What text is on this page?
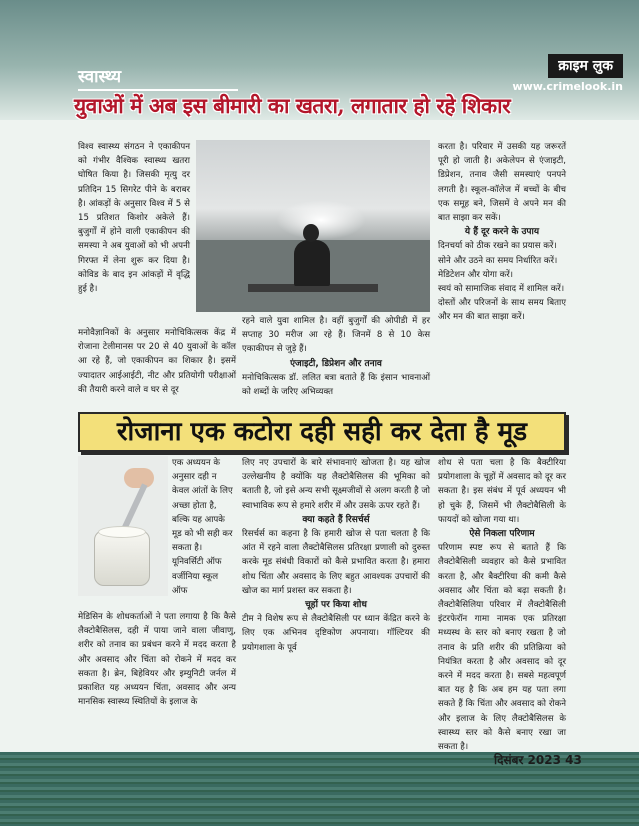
स्वास्थ्य
क्राइम लुक
www.crimelook.in
युवाओं में अब इस बीमारी का खतरा, लगातार हो रहे शिकार

विश्व स्वास्थ्य संगठन ने एकाकीपन को गंभीर वैश्विक स्वास्थ्य खतरा घोषित किया है। जिसकी मृत्यु दर प्रतिदिन 15 सिगरेट पीने के बराबर है। आंकड़ों के अनुसार विश्व में 5 से 15 प्रतिशत किशोर अकेले हैं। बुजुर्गों में होने वाली एकाकीपन की समस्या ने अब युवाओं को भी अपनी गिरफ्त में लेना शुरू कर दिया है। कोविड के बाद इन आंकड़ों में वृद्धि हुई है।

मनोवैज्ञानिकों के अनुसार मनोचिकित्सक केंद्र में रोजाना टेलीमानस पर 20 से 40 युवाओं के कॉल आ रहे हैं, जो एकाकीपन का शिकार है। इसमें ज्यादातर आईआईटी, नीट और प्रतियोगी परीक्षाओं की तैयारी करने वाले व घर से दूर

रहने वाले युवा शामिल है। वहीं बुजुर्गों की ओपीडी में हर सप्ताह 30 मरीज आ रहे हैं। जिनमें 8 से 10 केस एकाकीपन से जुड़े हैं।

एंजाइटी, डिप्रेशन और तनाव

मनोचिकित्सक डॉ. ललित बत्रा बताते हैं कि इंसान भावनाओं को शब्दों के जरिए अभिव्यक्त

करता है। परिवार में उसकी यह जरूरतें पूरी हो जाती है। अकेलेपन से एंजाइटी, डिप्रेशन, तनाव जैसी समस्याएं पनपने लगती है। स्कूल-कॉलेज में बच्चों के बीच एक समूह बने, जिसमें वे अपने मन की बात साझा कर सकें।

ये हैं दूर करने के उपाय

दिनचर्या को ठीक रखने का प्रयास करें।

सोने और उठने का समय निर्धारित करें।

मेडिटेशन और योगा करें।

स्वयं को सामाजिक संवाद में शामिल करें।

दोस्तों और परिजनों के साथ समय बिताए और मन की बात साझा करें।

रोजाना एक कटोरा दही सही कर देता है मूड

एक अध्ययन के अनुसार दही न केवल आंतों के लिए अच्छा होता है, बल्कि यह आपके मूड को भी सही कर सकता है। यूनिवर्सिटी ऑफ वर्जीनिया स्कूल ऑफ

मेडिसिन के शोधकर्ताओं ने पता लगाया है कि कैसे लैक्टोबैसिलस, दही में पाया जाने वाला जीवाणु, शरीर को तनाव का प्रबंधन करने में मदद करता है और अवसाद और चिंता को रोकने में मदद कर सकता है। ब्रेन, बिहेवियर और इम्युनिटी जर्नल में प्रकाशित यह अध्ययन चिंता, अवसाद और अन्य मानसिक स्वास्थ्य स्थितियों के इलाज के

लिए नए उपचारों के बारे संभावनाएं खोजता है। यह खोज उल्लेखनीय है क्योंकि यह लैक्टोबैसिलस की भूमिका को बताती है, जो इसे अन्य सभी सूक्ष्मजीवों से अलग करती है जो स्वाभाविक रूप से हमारे शरीर में और उसके ऊपर रहते हैं।

क्या कहते हैं रिसर्चर्स

रिसर्चर्स का कहना है कि हमारी खोज से पता चलता है कि आंत में रहने वाला लैक्टोबैसिलस प्रतिरक्षा प्रणाली को दुरुस्त करके मूड संबंधी विकारों को कैसे प्रभावित करता है। हमारा शोध चिंता और अवसाद के लिए बहुत आवश्यक उपचारों की खोज का मार्ग प्रशस्त कर सकता है।

चूहों पर किया शोध

टीम ने विशेष रूप से लैक्टोबैसिली पर ध्यान केंद्रित करने के लिए एक अभिनव दृष्टिकोण अपनाया। गॉल्टियर की प्रयोगशाला के पूर्व

शोध से पता चला है कि बैक्टीरिया प्रयोगशाला के चूहों में अवसाद को दूर कर सकता है। इस संबंध में पूर्व अध्ययन भी हो चुके हैं, जिसमें भी लैक्टोबैसिली के फायदों को खोजा गया था।

ऐसे निकला परिणाम

परिणाम स्पष्ट रूप से बताते हैं कि लैक्टोबैसिली व्यवहार को कैसे प्रभावित करता है, और बैक्टीरिया की कमी कैसे अवसाद और चिंता को बढ़ा सकती है। लैक्टोबैसिलिया परिवार में लैक्टोबैसिली इंटरफेरॉन गामा नामक एक प्रतिरक्षा मध्यस्थ के स्तर को बनाए रखता है जो तनाव के प्रति शरीर की प्रतिक्रिया को नियंत्रित करता है और अवसाद को दूर करने में मदद करता है। सबसे महत्वपूर्ण बात यह है कि अब हम यह पता लगा सकते हैं कि चिंता और अवसाद को रोकने और इलाज के लिए लैक्टोबैसिलस के स्वास्थ्य स्तर को कैसे बनाए रखा जा सकता है।

दिसंबर 2023 43
